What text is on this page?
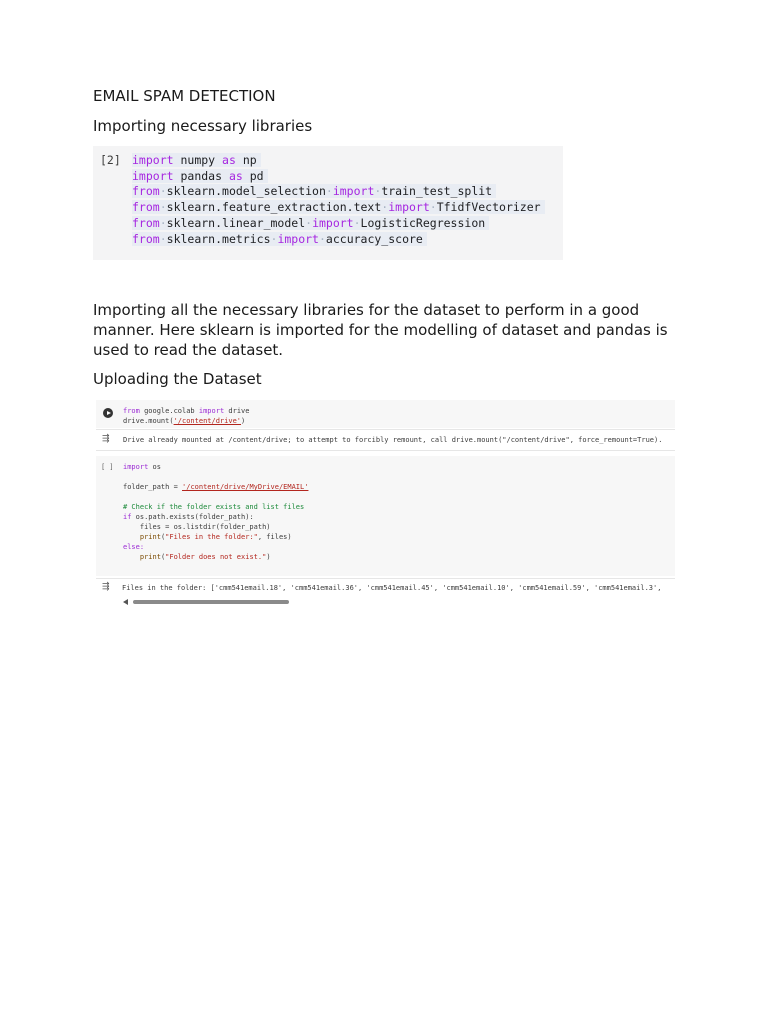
EMAIL SPAM DETECTION

Importing necessary libraries

[2] import numpy as np
import pandas as pd
from·sklearn.model_selection·import·train_test_split
from·sklearn.feature_extraction.text·import·TfidfVectorizer
from·sklearn.linear_model·import·LogisticRegression
from·sklearn.metrics·import·accuracy_score

Importing all the necessary libraries for the dataset to perform in a good manner. Here sklearn is imported for the modelling of dataset and pandas is used to read the dataset.

Uploading the Dataset

from google.colab import drive
drive.mount('/content/drive')
⇶ Drive already mounted at /content/drive; to attempt to forcibly remount, call drive.mount("/content/drive", force_remount=True).
[ ] import os
folder_path = '/content/drive/MyDrive/EMAIL'
# Check if the folder exists and list files
if os.path.exists(folder_path):
files = os.listdir(folder_path)
print("Files in the folder:", files)
else:
print("Folder does not exist.")
⇶ Files in the folder: ['cmm541email.18', 'cmm541email.36', 'cmm541email.45', 'cmm541email.10', 'cmm541email.59', 'cmm541email.3',
